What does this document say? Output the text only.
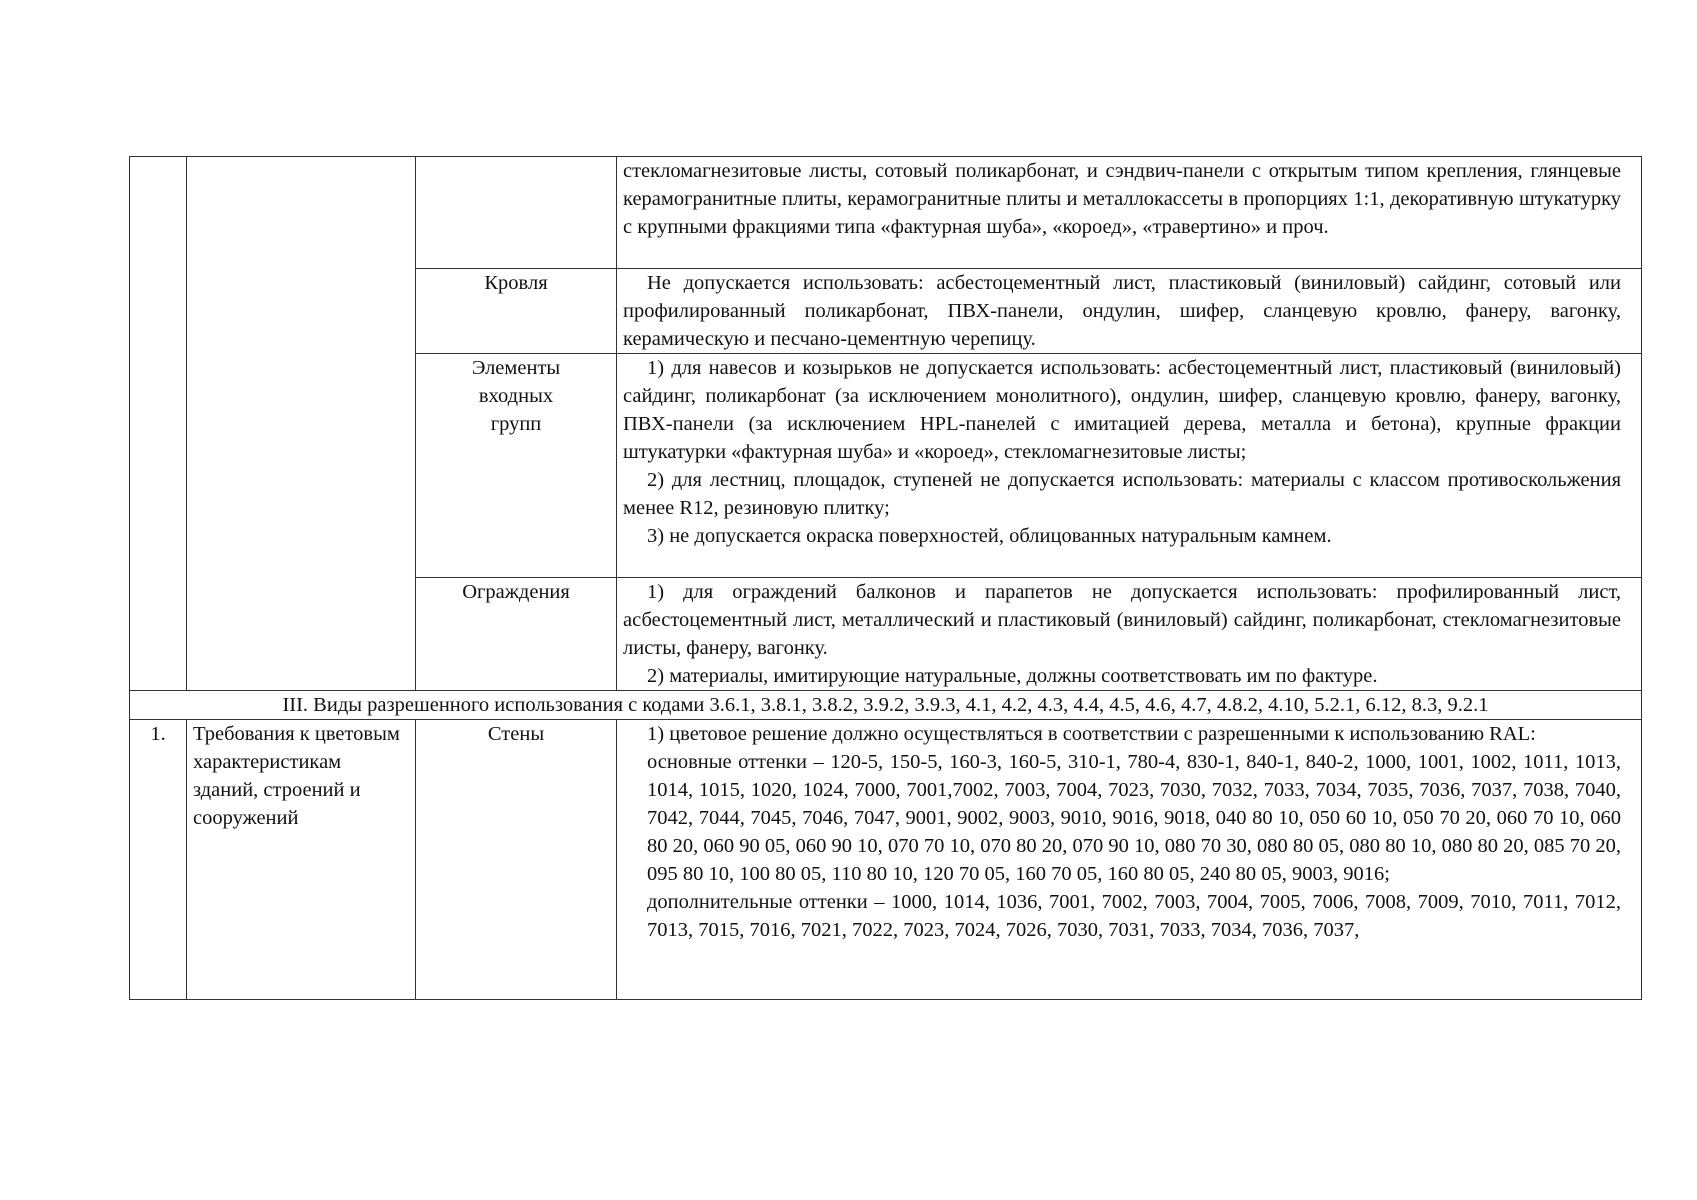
			стекломагнезитовые листы, сотовый поликарбонат, и сэндвич-панели с открытым типом крепления, глянцевые керамогранитные плиты, керамогранитные плиты и металлокассеты в пропорциях 1:1, декоративную штукатурку с крупными фракциями типа «фактурная шуба», «короед», «травертино» и проч.

		Кровля	Не допускается использовать: асбестоцементный лист, пластиковый (виниловый) сайдинг, сотовый или профилированный поликарбонат, ПВХ-панели, ондулин, шифер, сланцевую кровлю, фанеру, вагонку, керамическую и песчано-цементную черепицу.

		Элементы входных групп	1) для навесов и козырьков не допускается использовать: асбестоцементный лист, пластиковый (виниловый) сайдинг, поликарбонат (за исключением монолитного), ондулин, шифер, сланцевую кровлю, фанеру, вагонку, ПВХ-панели (за исключением HPL-панелей с имитацией дерева, металла и бетона), крупные фракции штукатурки «фактурная шуба» и «короед», стекломагнезитовые листы;

2) для лестниц, площадок, ступеней не допускается использовать: материалы с классом противоскольжения менее R12, резиновую плитку;

3) не допускается окраска поверхностей, облицованных натуральным камнем.

		Ограждения	1) для ограждений балконов и парапетов не допускается использовать: профилированный лист, асбестоцементный лист, металлический и пластиковый (виниловый) сайдинг, поликарбонат, стекломагнезитовые листы, фанеру, вагонку.

2) материалы, имитирующие натуральные, должны соответствовать им по фактуре.

III. Виды разрешенного использования с кодами 3.6.1, 3.8.1, 3.8.2, 3.9.2, 3.9.3, 4.1, 4.2, 4.3, 4.4, 4.5, 4.6, 4.7, 4.8.2, 4.10, 5.2.1, 6.12, 8.3, 9.2.1			
1.	Требования к цветовым характеристикам зданий, строений и сооружений	Стены	1) цветовое решение должно осуществляться в соответствии с разрешенными к использованию RAL:

основные оттенки – 120-5, 150-5, 160-3, 160-5, 310-1, 780-4, 830-1, 840-1, 840-2, 1000, 1001, 1002, 1011, 1013, 1014, 1015, 1020, 1024, 7000, 7001,7002, 7003, 7004, 7023, 7030, 7032, 7033, 7034, 7035, 7036, 7037, 7038, 7040, 7042, 7044, 7045, 7046, 7047, 9001, 9002, 9003, 9010, 9016, 9018, 040 80 10, 050 60 10, 050 70 20, 060 70 10, 060 80 20, 060 90 05, 060 90 10, 070 70 10, 070 80 20, 070 90 10, 080 70 30, 080 80 05, 080 80 10, 080 80 20, 085 70 20, 095 80 10, 100 80 05, 110 80 10, 120 70 05, 160 70 05, 160 80 05, 240 80 05, 9003, 9016;

дополнительные оттенки – 1000, 1014, 1036, 7001, 7002, 7003, 7004, 7005, 7006, 7008, 7009, 7010, 7011, 7012, 7013, 7015, 7016, 7021, 7022, 7023, 7024, 7026, 7030, 7031, 7033, 7034, 7036, 7037,
